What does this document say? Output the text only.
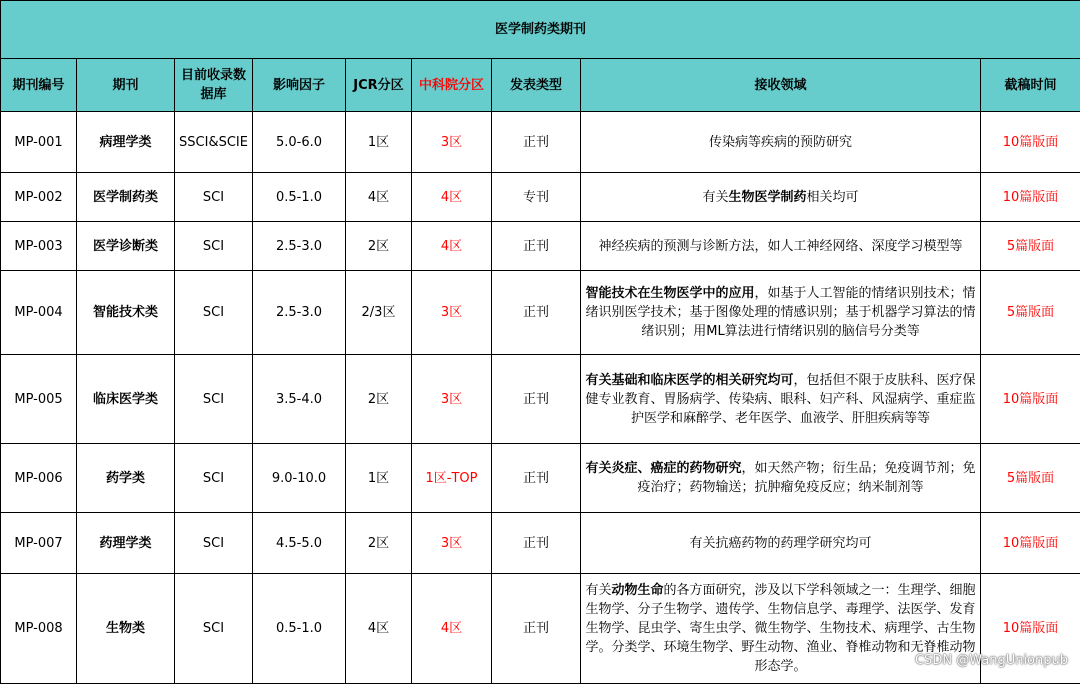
医学制药类期刊								
期刊编号	期刊	目前收录数据库	影响因子	JCR分区	中科院分区	发表类型	接收领域	截稿时间
MP-001	病理学类	SSCI&SCIE	5.0-6.0	1区	3区	正刊	传染病等疾病的预防研究	10篇版面
MP-002	医学制药类	SCI	0.5-1.0	4区	4区	专刊	有关生物医学制药相关均可	10篇版面
MP-003	医学诊断类	SCI	2.5-3.0	2区	4区	正刊	神经疾病的预测与诊断方法，如人工神经网络、深度学习模型等	5篇版面
MP-004	智能技术类	SCI	2.5-3.0	2/3区	3区	正刊	智能技术在生物医学中的应用，如基于人工智能的情绪识别技术；情绪识别医学技术；基于图像处理的情感识别；基于机器学习算法的情绪识别；用ML算法进行情绪识别的脑信号分类等	5篇版面
MP-005	临床医学类	SCI	3.5-4.0	2区	3区	正刊	有关基础和临床医学的相关研究均可，包括但不限于皮肤科、医疗保健专业教育、胃肠病学、传染病、眼科、妇产科、风湿病学、重症监护医学和麻醉学、老年医学、血液学、肝胆疾病等等	10篇版面
MP-006	药学类	SCI	9.0-10.0	1区	1区-TOP	正刊	有关炎症、癌症的药物研究，如天然产物；衍生品；免疫调节剂；免疫治疗；药物输送；抗肿瘤免疫反应；纳米制剂等	5篇版面
MP-007	药理学类	SCI	4.5-5.0	2区	3区	正刊	有关抗癌药物的药理学研究均可	10篇版面
MP-008	生物类	SCI	0.5-1.0	4区	4区	正刊	有关动物生命的各方面研究，涉及以下学科领域之一：生理学、细胞生物学、分子生物学、遗传学、生物信息学、毒理学、法医学、发育生物学、昆虫学、寄生虫学、微生物学、生物技术、病理学、古生物学。分类学、环境生物学、野生动物、渔业、脊椎动物和无脊椎动物形态学。	10篇版面
CSDN @WangUnionpub
